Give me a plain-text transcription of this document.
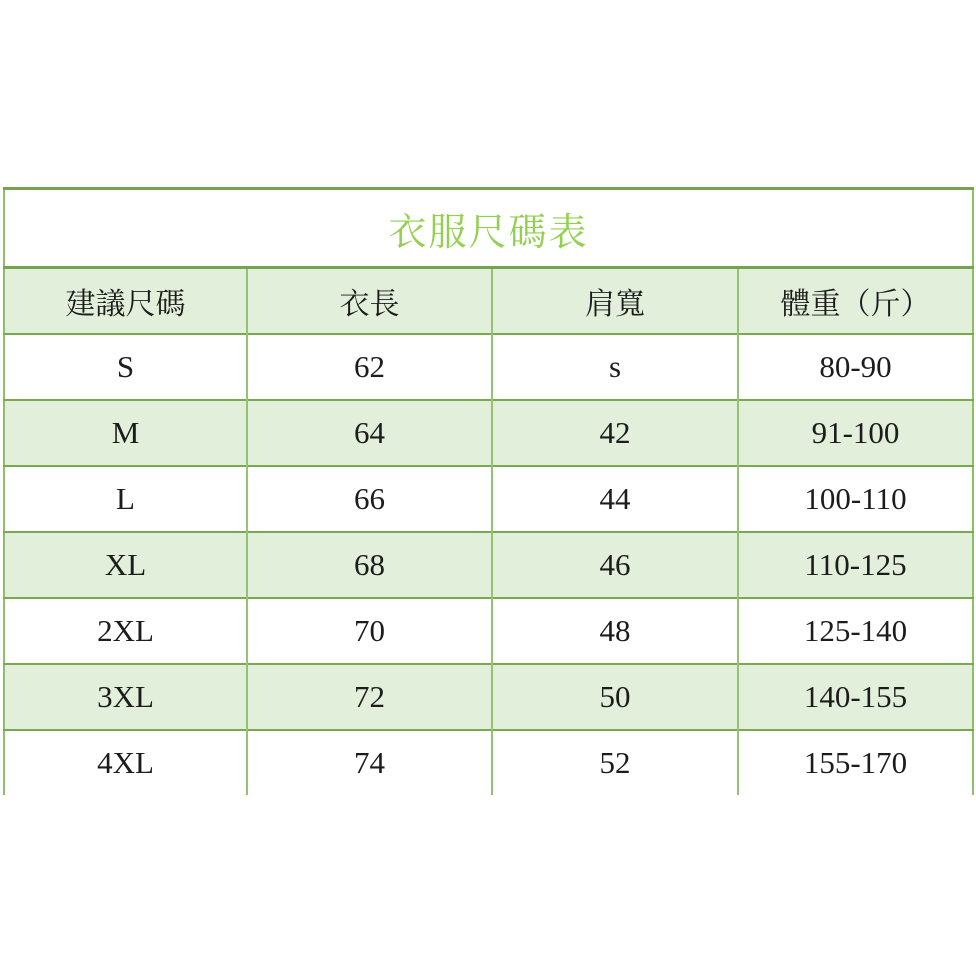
衣服尺碼表			
建議尺碼	衣長	肩寬	體重（斤）
S	62	s	80-90
M	64	42	91-100
L	66	44	100-110
XL	68	46	110-125
2XL	70	48	125-140
3XL	72	50	140-155
4XL	74	52	155-170
